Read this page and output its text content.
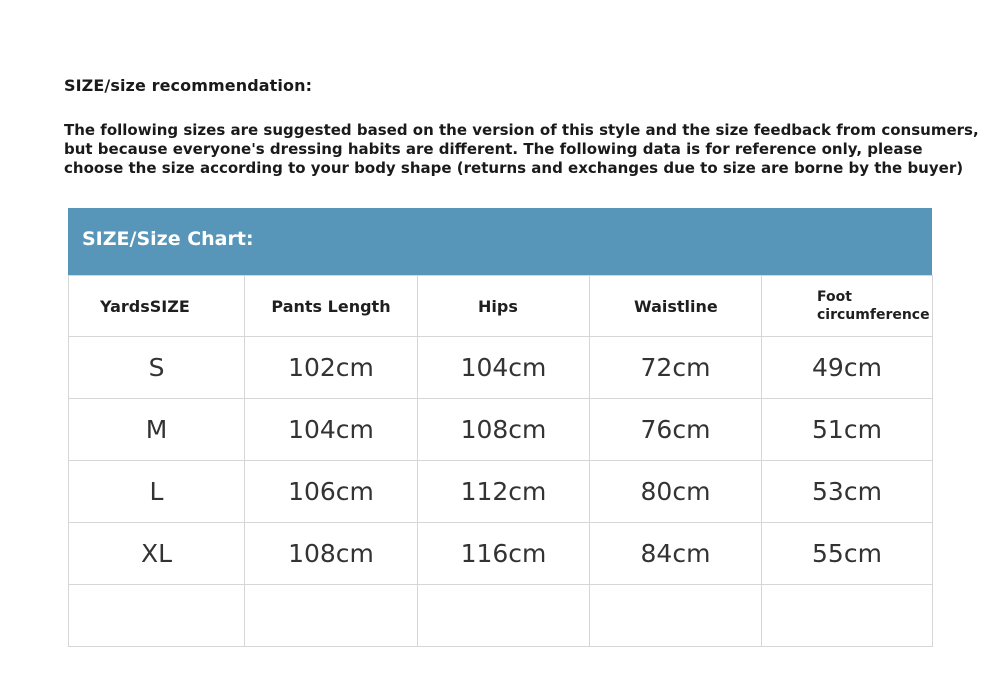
SIZE/size recommendation:
The following sizes are suggested based on the version of this style and the size feedback from consumers,
but because everyone's dressing habits are different. The following data is for reference only, please
choose the size according to your body shape (returns and exchanges due to size are borne by the buyer)
SIZE/Size Chart:
YardsSIZE	Pants Length	Hips	Waistline	Foot circumference

S	102cm	104cm	72cm	49cm
M	104cm	108cm	76cm	51cm
L	106cm	112cm	80cm	53cm
XL	108cm	116cm	84cm	55cm
